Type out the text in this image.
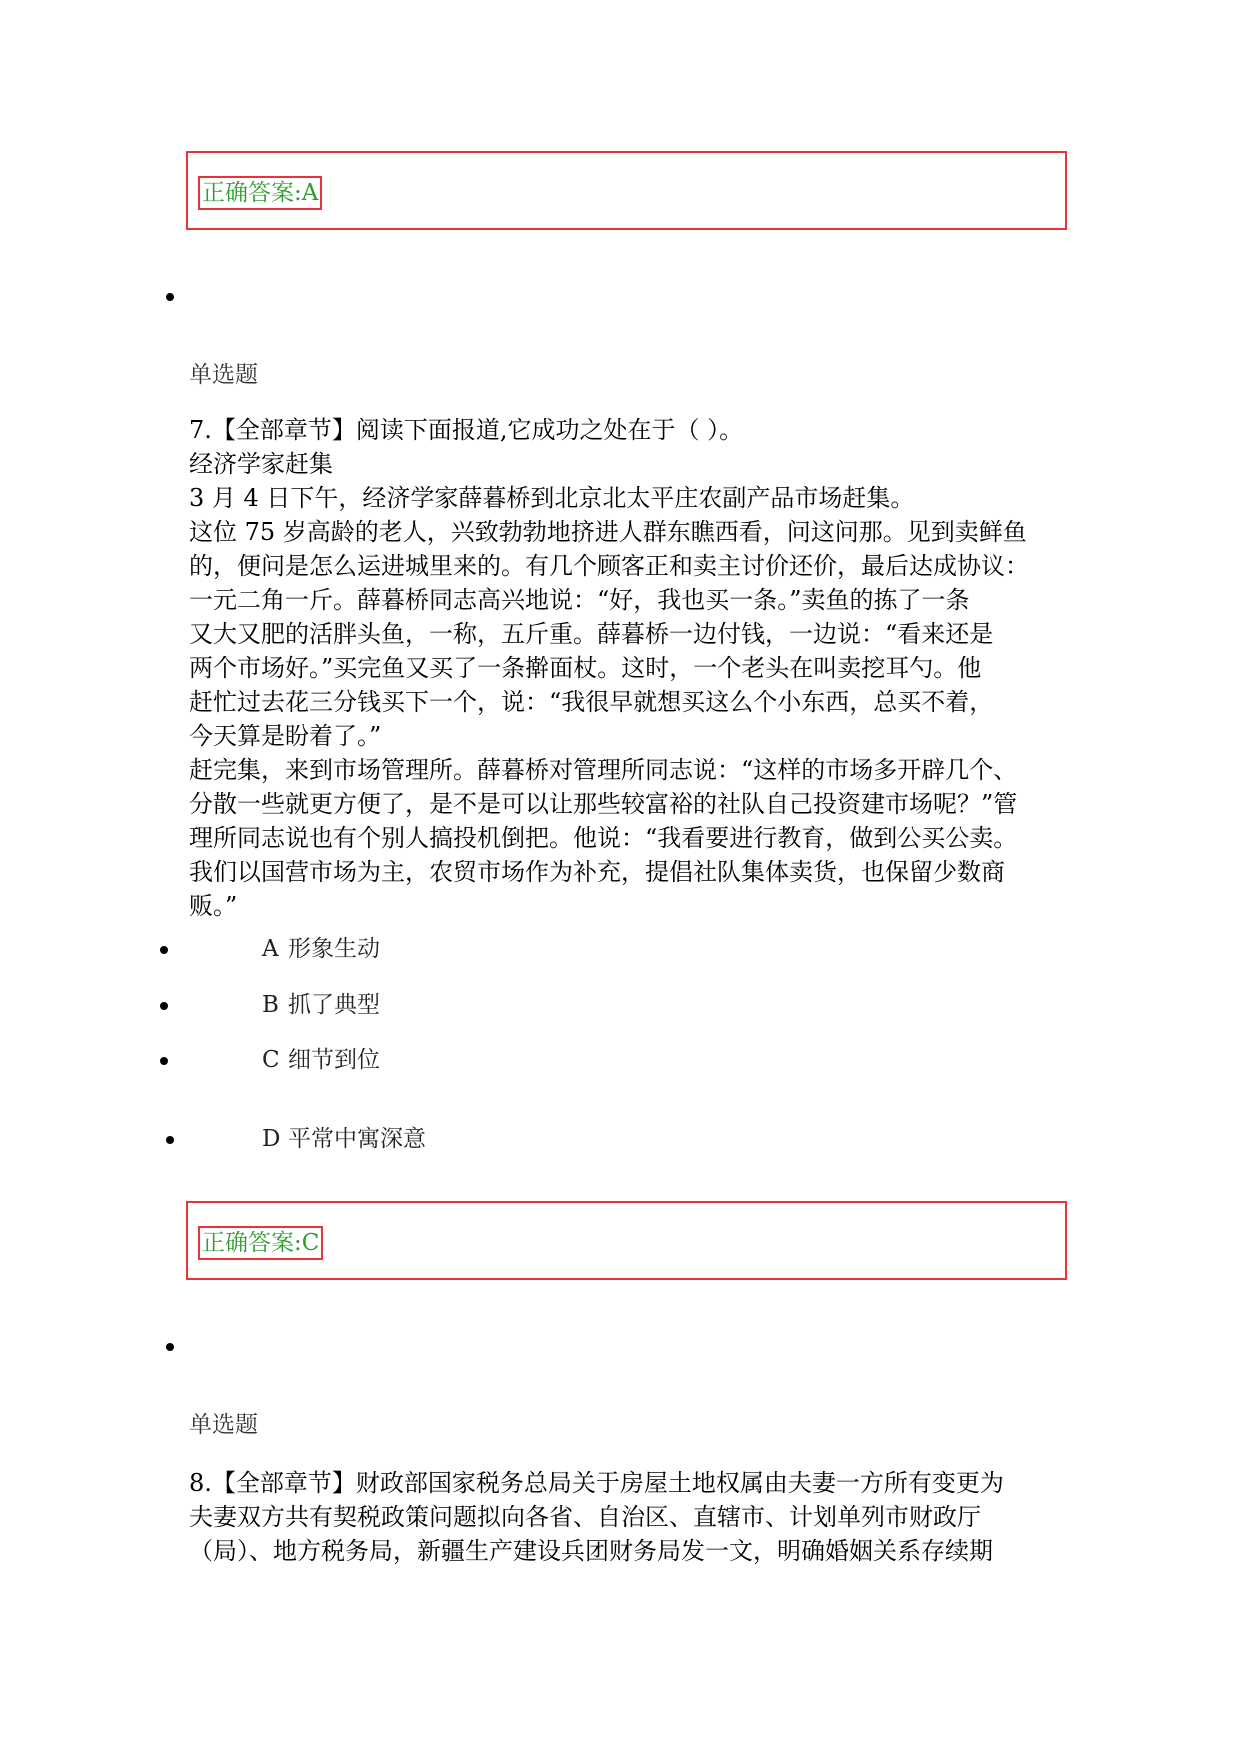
正确答案:A
单选题
7.【全部章节】阅读下面报道,它成功之处在于（ ）。
经济学家赶集
3 月 4 日下午，经济学家薛暮桥到北京北太平庄农副产品市场赶集。
这位 75 岁高龄的老人，兴致勃勃地挤进人群东瞧西看，问这问那。见到卖鲜鱼
的，便问是怎么运进城里来的。有几个顾客正和卖主讨价还价，最后达成协议：
一元二角一斤。薛暮桥同志高兴地说：“好，我也买一条。”卖鱼的拣了一条
又大又肥的活胖头鱼，一称，五斤重。薛暮桥一边付钱，一边说：“看来还是
两个市场好。”买完鱼又买了一条擀面杖。这时，一个老头在叫卖挖耳勺。他
赶忙过去花三分钱买下一个，说：“我很早就想买这么个小东西，总买不着，
今天算是盼着了。”
赶完集，来到市场管理所。薛暮桥对管理所同志说：“这样的市场多开辟几个、
分散一些就更方便了，是不是可以让那些较富裕的社队自己投资建市场呢？”管
理所同志说也有个别人搞投机倒把。他说：“我看要进行教育，做到公买公卖。
我们以国营市场为主，农贸市场作为补充，提倡社队集体卖货，也保留少数商
贩。”
A 形象生动
B 抓了典型
C 细节到位
D 平常中寓深意
正确答案:C
单选题
8.【全部章节】财政部国家税务总局关于房屋土地权属由夫妻一方所有变更为
夫妻双方共有契税政策问题拟向各省、自治区、直辖市、计划单列市财政厅
（局）、地方税务局，新疆生产建设兵团财务局发一文，明确婚姻关系存续期
